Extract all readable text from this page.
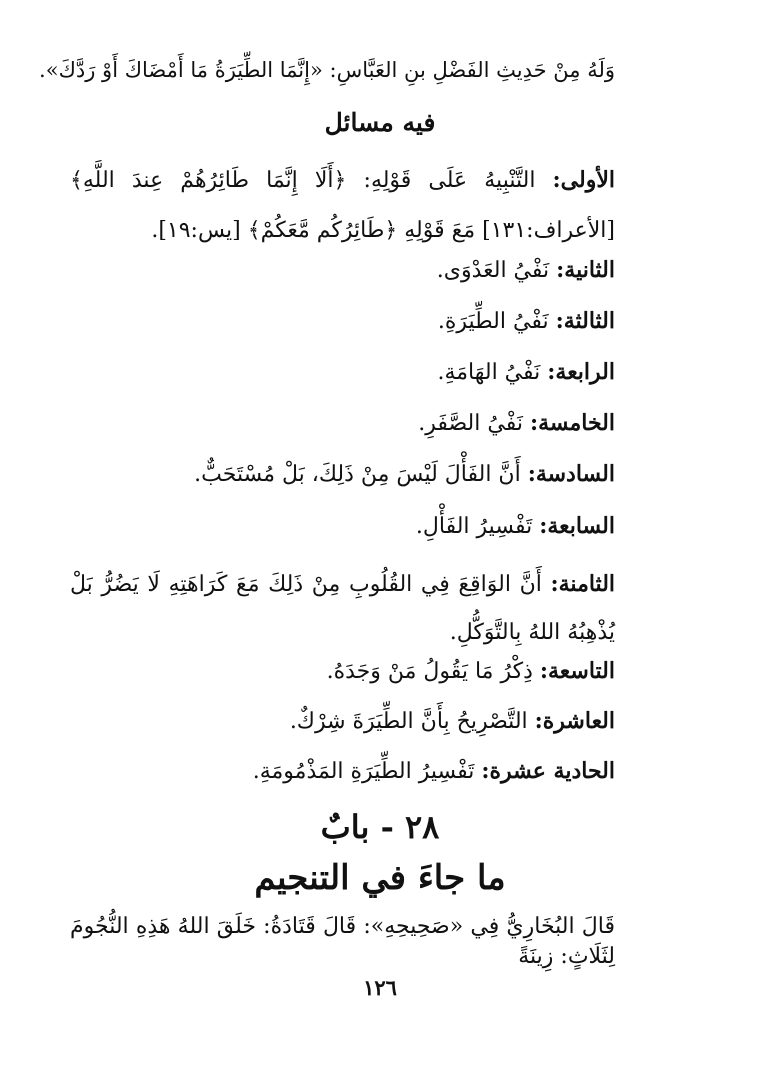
وَلَهُ مِنْ حَدِيثِ الفَضْلِ بنِ العَبَّاسِ: «إِنَّمَا الطِّيَرَةُ مَا أَمْضَاكَ أَوْ رَدَّكَ».
فيه مسائل
الأولى: التَّنْبِيهُ عَلَى قَوْلِهِ: ﴿أَلَا إِنَّمَا طَائِرُهُمْ عِندَ اللَّهِ﴾ [الأعراف:١٣١] مَعَ قَوْلِهِ ﴿طَائِرُكُم مَّعَكُمْ﴾ [يس:١٩].
الثانية: نَفْيُ العَدْوَى.
الثالثة: نَفْيُ الطِّيَرَةِ.
الرابعة: نَفْيُ الهَامَةِ.
الخامسة: نَفْيُ الصَّفَرِ.
السادسة: أَنَّ الفَأْلَ لَيْسَ مِنْ ذَلِكَ، بَلْ مُسْتَحَبٌّ.
السابعة: تَفْسِيرُ الفَأْلِ.
الثامنة: أَنَّ الوَاقِعَ فِي القُلُوبِ مِنْ ذَلِكَ مَعَ كَرَاهَتِهِ لَا يَضُرُّ بَلْ يُذْهِبُهُ اللهُ بِالتَّوَكُّلِ.
التاسعة: ذِكْرُ مَا يَقُولُ مَنْ وَجَدَهُ.
العاشرة: التَّصْرِيحُ بِأَنَّ الطِّيَرَةَ شِرْكٌ.
الحادية عشرة: تَفْسِيرُ الطِّيَرَةِ المَذْمُومَةِ.
٢٨ - بابٌ
ما جاءَ في التنجيم
قَالَ البُخَارِيُّ فِي «صَحِيحِهِ»: قَالَ قَتَادَةُ: خَلَقَ اللهُ هَذِهِ النُّجُومَ لِثَلَاثٍ: زِينَةً
١٢٦
